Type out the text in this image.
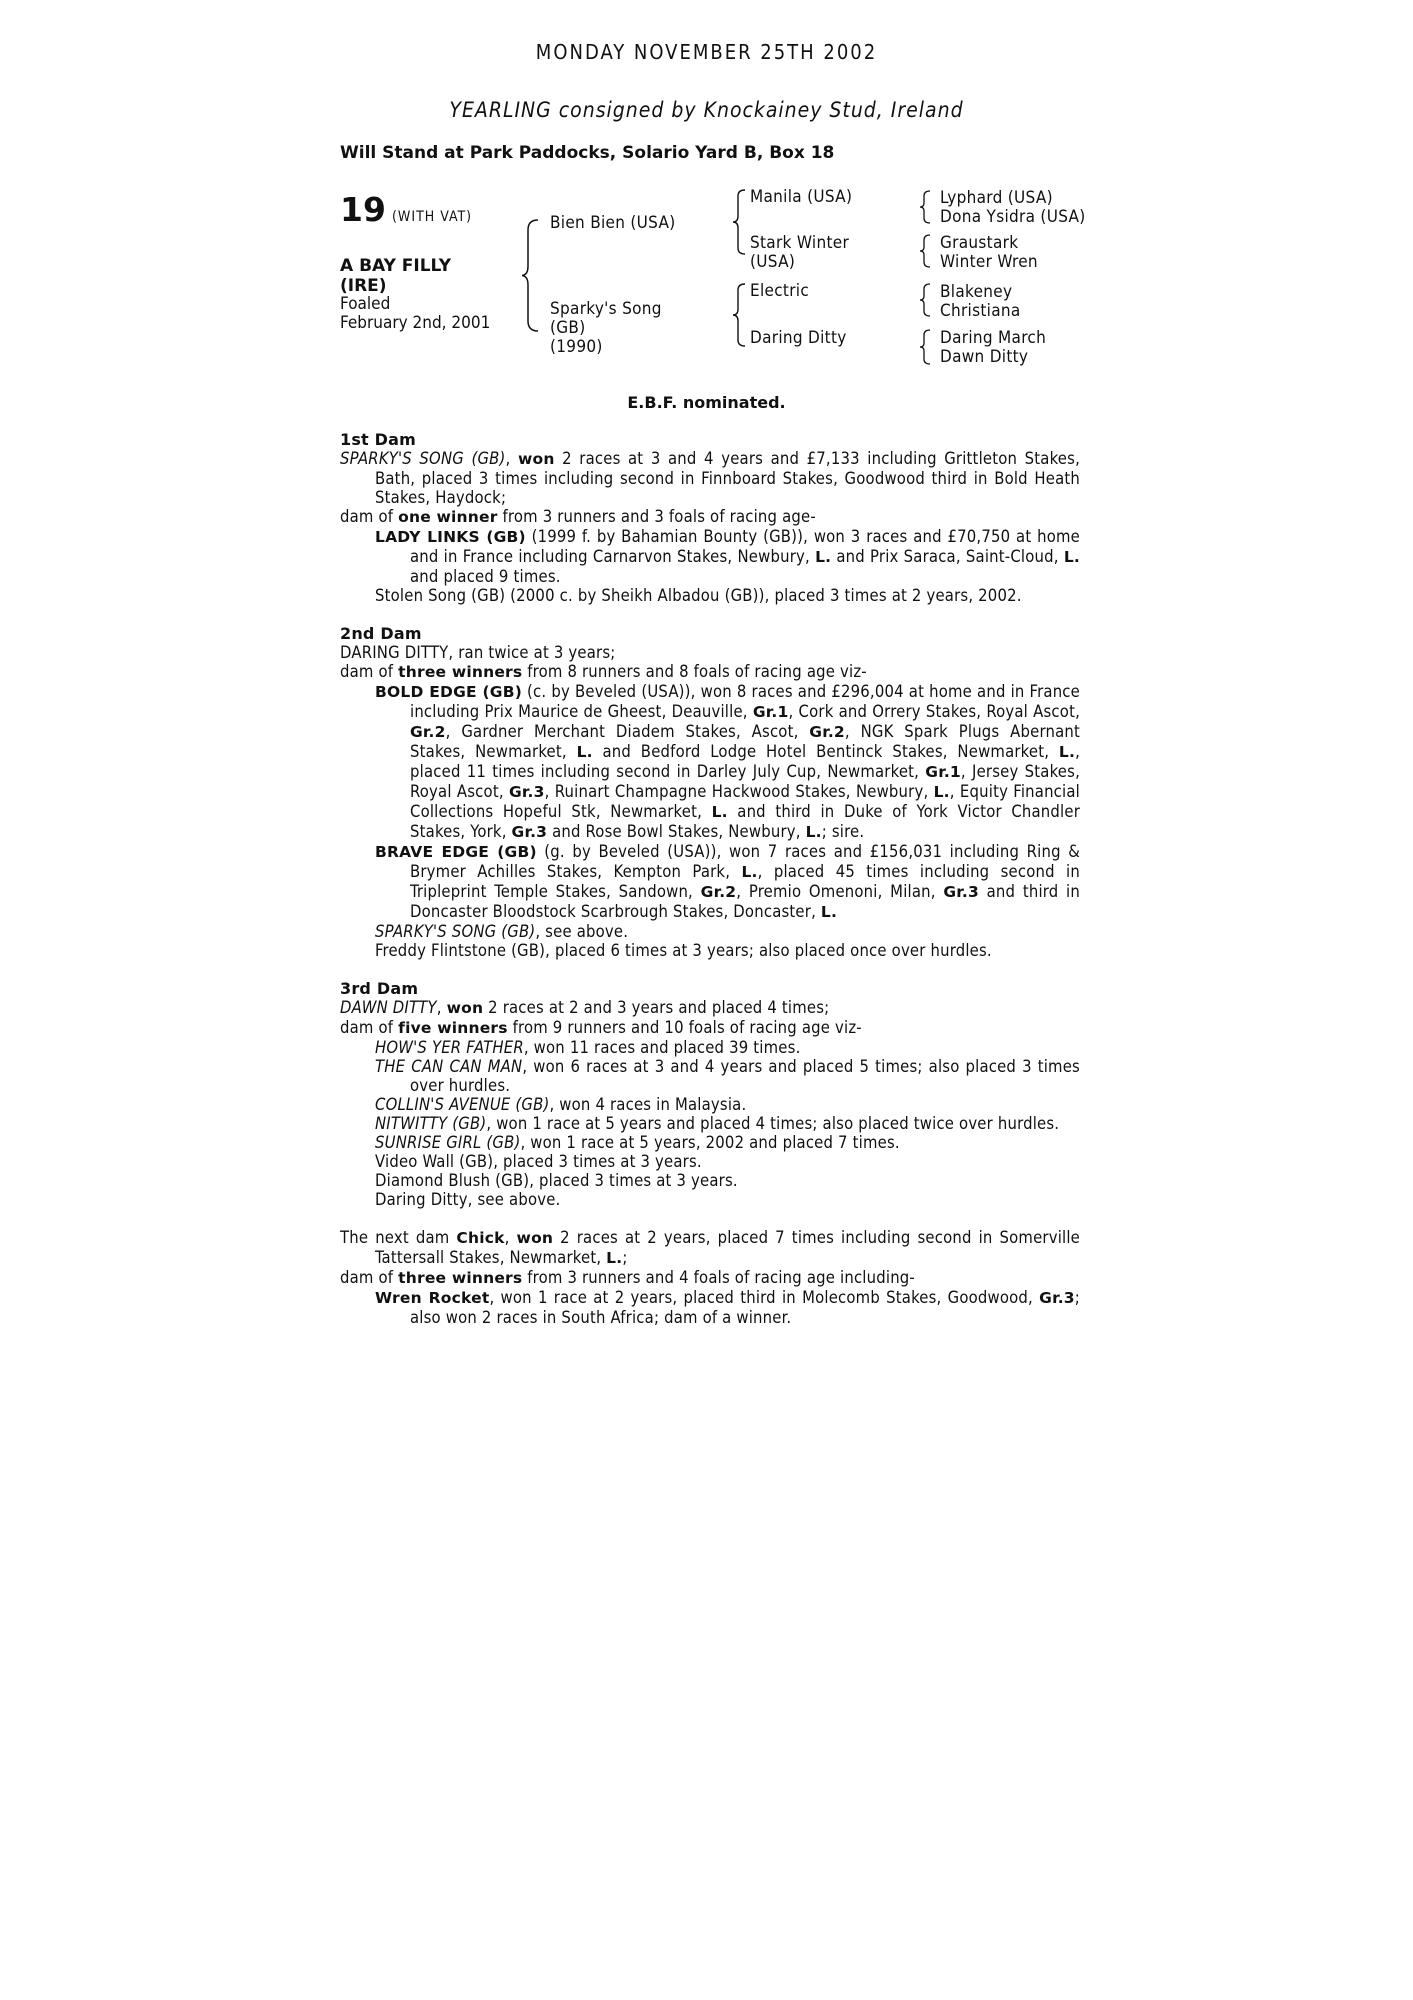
MONDAY NOVEMBER 25TH 2002
YEARLING consigned by Knockainey Stud, Ireland
Will Stand at Park Paddocks, Solario Yard B, Box 18
19 (WITH VAT)
A BAY FILLY
(IRE)
Foaled
February 2nd, 2001
Bien Bien (USA)
Sparky's Song
(GB)
(1990)
Manila (USA)
Stark Winter
(USA)
Electric
Daring Ditty
Lyphard (USA)
Dona Ysidra (USA)
Graustark
Winter Wren
Blakeney
Christiana
Daring March
Dawn Ditty
E.B.F. nominated.

1st Dam

SPARKY'S SONG (GB), won 2 races at 3 and 4 years and £7,133 including Grittleton Stakes, Bath, placed 3 times including second in Finnboard Stakes, Goodwood third in Bold Heath Stakes, Haydock;

dam of one winner from 3 runners and 3 foals of racing age-

LADY LINKS (GB) (1999 f. by Bahamian Bounty (GB)), won 3 races and £70,750 at home and in France including Carnarvon Stakes, Newbury, L. and Prix Saraca, Saint-Cloud, L. and placed 9 times.

Stolen Song (GB) (2000 c. by Sheikh Albadou (GB)), placed 3 times at 2 years, 2002.

2nd Dam

DARING DITTY, ran twice at 3 years;

dam of three winners from 8 runners and 8 foals of racing age viz-

BOLD EDGE (GB) (c. by Beveled (USA)), won 8 races and £296,004 at home and in France including Prix Maurice de Gheest, Deauville, Gr.1, Cork and Orrery Stakes, Royal Ascot, Gr.2, Gardner Merchant Diadem Stakes, Ascot, Gr.2, NGK Spark Plugs Abernant Stakes, Newmarket, L. and Bedford Lodge Hotel Bentinck Stakes, Newmarket, L., placed 11 times including second in Darley July Cup, Newmarket, Gr.1, Jersey Stakes, Royal Ascot, Gr.3, Ruinart Champagne Hackwood Stakes, Newbury, L., Equity Financial Collections Hopeful Stk, Newmarket, L. and third in Duke of York Victor Chandler Stakes, York, Gr.3 and Rose Bowl Stakes, Newbury, L.; sire.

BRAVE EDGE (GB) (g. by Beveled (USA)), won 7 races and £156,031 including Ring & Brymer Achilles Stakes, Kempton Park, L., placed 45 times including second in Tripleprint Temple Stakes, Sandown, Gr.2, Premio Omenoni, Milan, Gr.3 and third in Doncaster Bloodstock Scarbrough Stakes, Doncaster, L.

SPARKY'S SONG (GB), see above.

Freddy Flintstone (GB), placed 6 times at 3 years; also placed once over hurdles.

3rd Dam

DAWN DITTY, won 2 races at 2 and 3 years and placed 4 times;

dam of five winners from 9 runners and 10 foals of racing age viz-

HOW'S YER FATHER, won 11 races and placed 39 times.

THE CAN CAN MAN, won 6 races at 3 and 4 years and placed 5 times; also placed 3 times over hurdles.

COLLIN'S AVENUE (GB), won 4 races in Malaysia.

NITWITTY (GB), won 1 race at 5 years and placed 4 times; also placed twice over hurdles.

SUNRISE GIRL (GB), won 1 race at 5 years, 2002 and placed 7 times.

Video Wall (GB), placed 3 times at 3 years.

Diamond Blush (GB), placed 3 times at 3 years.

Daring Ditty, see above.

The next dam Chick, won 2 races at 2 years, placed 7 times including second in Somerville Tattersall Stakes, Newmarket, L.;

dam of three winners from 3 runners and 4 foals of racing age including-

Wren Rocket, won 1 race at 2 years, placed third in Molecomb Stakes, Goodwood, Gr.3; also won 2 races in South Africa; dam of a winner.
